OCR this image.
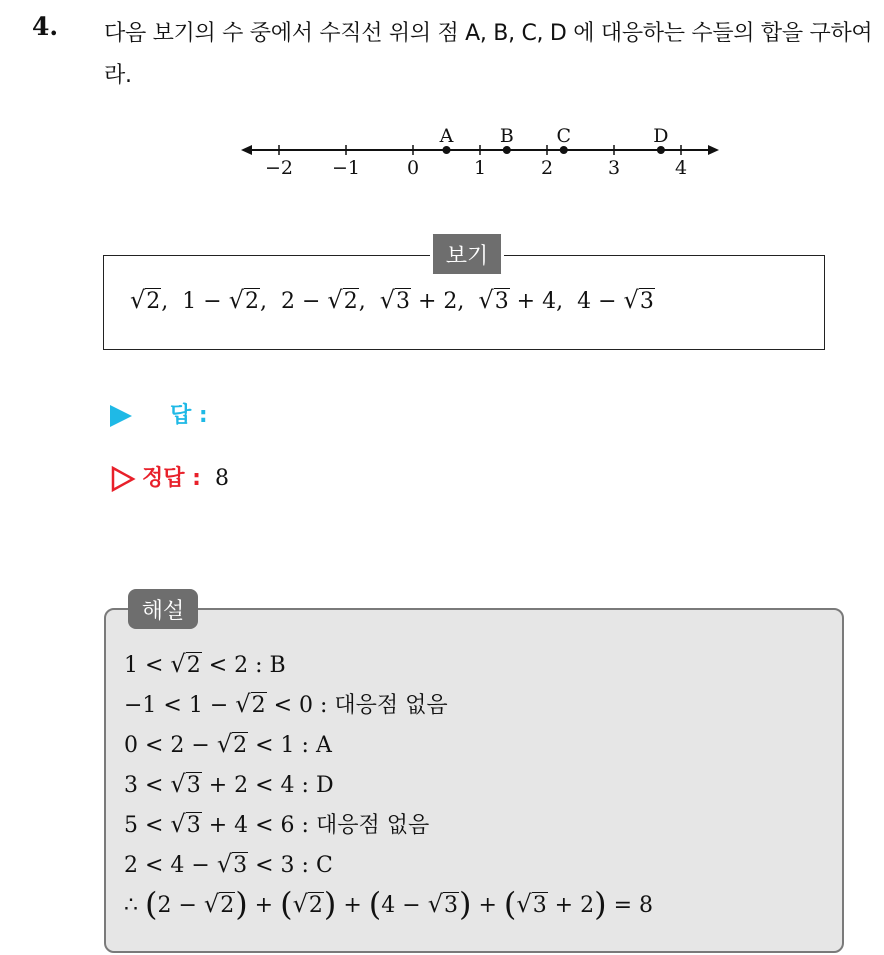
4. 다음 보기의 수 중에서 수직선 위의 점 A, B, C, D 에 대응하는 수들의 합을 구하여라.
−2 −1 0	1	2	3	4
A B C	D
보기
√2,  1 − √2,  2 − √2,  √3 + 2,  √3 + 4,  4 − √3
답 :
정답 : 8
해설
1 < √2 < 2 : B
−1 < 1 − √2 < 0 : 대응점 없음
0 < 2 − √2 < 1 : A
3 < √3 + 2 < 4 : D
5 < √3 + 4 < 6 : 대응점 없음
2 < 4 − √3 < 3 : C
∴ (2 − √2) + (√2) + (4 − √3) + (√3 + 2) = 8
